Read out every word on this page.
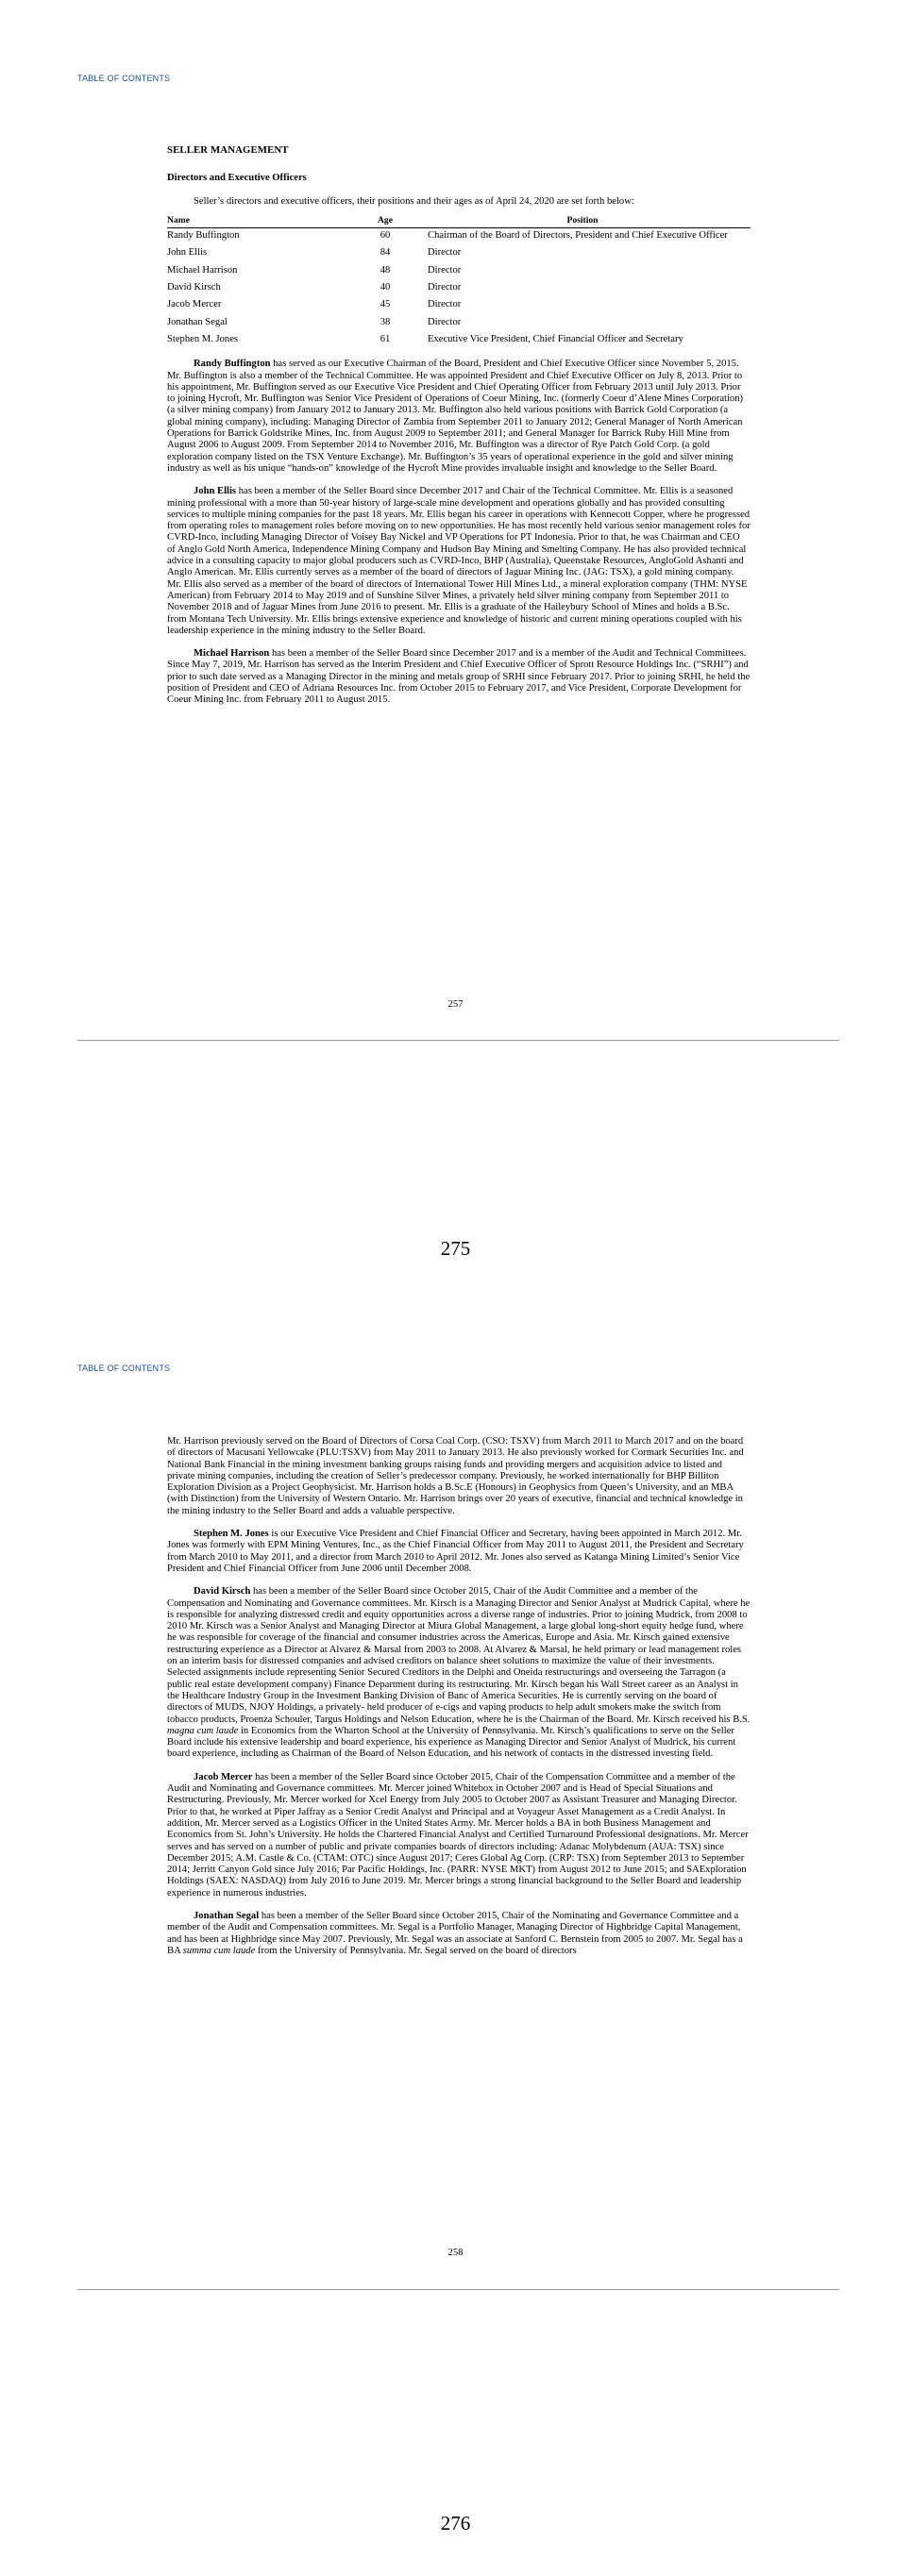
TABLE OF CONTENTS

SELLER MANAGEMENT

Directors and Executive Officers

Seller’s directors and executive officers, their positions and their ages as of April 24, 2020 are set forth below:

Name		Age		Position
Randy Buffington		60		Chairman of the Board of Directors, President and Chief Executive Officer
John Ellis		84		Director
Michael Harrison		48		Director
David Kirsch		40		Director
Jacob Mercer		45		Director
Jonathan Segal		38		Director
Stephen M. Jones		61		Executive Vice President, Chief Financial Officer and Secretary

Randy Buffington has served as our Executive Chairman of the Board, President and Chief Executive Officer since November 5, 2015. Mr. Buffington is also a member of the Technical Committee. He was appointed President and Chief Executive Officer on July 8, 2013. Prior to his appointment, Mr. Buffington served as our Executive Vice President and Chief Operating Officer from February 2013 until July 2013. Prior to joining Hycroft, Mr. Buffington was Senior Vice President of Operations of Coeur Mining, Inc. (formerly Coeur d’Alene Mines Corporation) (a silver mining company) from January 2012 to January 2013. Mr. Buffington also held various positions with Barrick Gold Corporation (a global mining company), including: Managing Director of Zambia from September 2011 to January 2012; General Manager of North American Operations for Barrick Goldstrike Mines, Inc. from August 2009 to September 2011; and General Manager for Barrick Ruby Hill Mine from August 2006 to August 2009. From September 2014 to November 2016, Mr. Buffington was a director of Rye Patch Gold Corp. (a gold exploration company listed on the TSX Venture Exchange). Mr. Buffington’s 35 years of operational experience in the gold and silver mining industry as well as his unique “hands-on” knowledge of the Hycroft Mine provides invaluable insight and knowledge to the Seller Board.

John Ellis has been a member of the Seller Board since December 2017 and Chair of the Technical Committee. Mr. Ellis is a seasoned mining professional with a more than 50-year history of large-scale mine development and operations globally and has provided consulting services to multiple mining companies for the past 18 years. Mr. Ellis began his career in operations with Kennecott Copper, where he progressed from operating roles to management roles before moving on to new opportunities. He has most recently held various senior management roles for CVRD-Inco, including Managing Director of Voisey Bay Nickel and VP Operations for PT Indonesia. Prior to that, he was Chairman and CEO of Anglo Gold North America, Independence Mining Company and Hudson Bay Mining and Smelting Company. He has also provided technical advice in a consulting capacity to major global producers such as CVRD-Inco, BHP (Australia), Queenstake Resources, AngloGold Ashanti and Anglo American. Mr. Ellis currently serves as a member of the board of directors of Jaguar Mining Inc. (JAG: TSX), a gold mining company. Mr. Ellis also served as a member of the board of directors of International Tower Hill Mines Ltd., a mineral exploration company (THM: NYSE American) from February 2014 to May 2019 and of Sunshine Silver Mines, a privately held silver mining company from September 2011 to November 2018 and of Jaguar Mines from June 2016 to present. Mr. Ellis is a graduate of the Haileybury School of Mines and holds a B.Sc. from Montana Tech University. Mr. Ellis brings extensive experience and knowledge of historic and current mining operations coupled with his leadership experience in the mining industry to the Seller Board.

Michael Harrison has been a member of the Seller Board since December 2017 and is a member of the Audit and Technical Committees. Since May 7, 2019, Mr. Harrison has served as the Interim President and Chief Executive Officer of Sprott Resource Holdings Inc. (“SRHI”) and prior to such date served as a Managing Director in the mining and metals group of SRHI since February 2017. Prior to joining SRHI, he held the position of President and CEO of Adriana Resources Inc. from October 2015 to February 2017, and Vice President, Corporate Development for Coeur Mining Inc. from February 2011 to August 2015.

257
275
TABLE OF CONTENTS

Mr. Harrison previously served on the Board of Directors of Corsa Coal Corp. (CSO: TSXV) from March 2011 to March 2017 and on the board of directors of Macusani Yellowcake (PLU:TSXV) from May 2011 to January 2013. He also previously worked for Cormark Securities Inc. and National Bank Financial in the mining investment banking groups raising funds and providing mergers and acquisition advice to listed and private mining companies, including the creation of Seller’s predecessor company. Previously, he worked internationally for BHP Billiton Exploration Division as a Project Geophysicist. Mr. Harrison holds a B.Sc.E (Honours) in Geophysics from Queen’s University, and an MBA (with Distinction) from the University of Western Ontario. Mr. Harrison brings over 20 years of executive, financial and technical knowledge in the mining industry to the Seller Board and adds a valuable perspective.

Stephen M. Jones is our Executive Vice President and Chief Financial Officer and Secretary, having been appointed in March 2012. Mr. Jones was formerly with EPM Mining Ventures, Inc., as the Chief Financial Officer from May 2011 to August 2011, the President and Secretary from March 2010 to May 2011, and a director from March 2010 to April 2012. Mr. Jones also served as Katanga Mining Limited’s Senior Vice President and Chief Financial Officer from June 2006 until December 2008.

David Kirsch has been a member of the Seller Board since October 2015, Chair of the Audit Committee and a member of the Compensation and Nominating and Governance committees. Mr. Kirsch is a Managing Director and Senior Analyst at Mudrick Capital, where he is responsible for analyzing distressed credit and equity opportunities across a diverse range of industries. Prior to joining Mudrick, from 2008 to 2010 Mr. Kirsch was a Senior Analyst and Managing Director at Miura Global Management, a large global long-short equity hedge fund, where he was responsible for coverage of the financial and consumer industries across the Americas, Europe and Asia. Mr. Kirsch gained extensive restructuring experience as a Director at Alvarez & Marsal from 2003 to 2008. At Alvarez & Marsal, he held primary or lead management roles on an interim basis for distressed companies and advised creditors on balance sheet solutions to maximize the value of their investments. Selected assignments include representing Senior Secured Creditors in the Delphi and Oneida restructurings and overseeing the Tarragon (a public real estate development company) Finance Department during its restructuring. Mr. Kirsch began his Wall Street career as an Analyst in the Healthcare Industry Group in the Investment Banking Division of Banc of America Securities. He is currently serving on the board of directors of MUDS, NJOY Holdings, a privately- held producer of e-cigs and vaping products to help adult smokers make the switch from tobacco products, Proenza Schouler, Targus Holdings and Nelson Education, where he is the Chairman of the Board. Mr. Kirsch received his B.S. magna cum laude in Economics from the Wharton School at the University of Pennsylvania. Mr. Kirsch’s qualifications to serve on the Seller Board include his extensive leadership and board experience, his experience as Managing Director and Senior Analyst of Mudrick, his current board experience, including as Chairman of the Board of Nelson Education, and his network of contacts in the distressed investing field.

Jacob Mercer has been a member of the Seller Board since October 2015, Chair of the Compensation Committee and a member of the Audit and Nominating and Governance committees. Mr. Mercer joined Whitebox in October 2007 and is Head of Special Situations and Restructuring. Previously, Mr. Mercer worked for Xcel Energy from July 2005 to October 2007 as Assistant Treasurer and Managing Director. Prior to that, he worked at Piper Jaffray as a Senior Credit Analyst and Principal and at Voyageur Asset Management as a Credit Analyst. In addition, Mr. Mercer served as a Logistics Officer in the United States Army. Mr. Mercer holds a BA in both Business Management and Economics from St. John’s University. He holds the Chartered Financial Analyst and Certified Turnaround Professional designations. Mr. Mercer serves and has served on a number of public and private companies boards of directors including: Adanac Molybdenum (AUA: TSX) since December 2015; A.M. Castle & Co. (CTAM: OTC) since August 2017; Ceres Global Ag Corp. (CRP: TSX) from September 2013 to September 2014; Jerritt Canyon Gold since July 2016; Par Pacific Holdings, Inc. (PARR: NYSE MKT) from August 2012 to June 2015; and SAExploration Holdings (SAEX: NASDAQ) from July 2016 to June 2019. Mr. Mercer brings a strong financial background to the Seller Board and leadership experience in numerous industries.

Jonathan Segal has been a member of the Seller Board since October 2015, Chair of the Nominating and Governance Committee and a member of the Audit and Compensation committees. Mr. Segal is a Portfolio Manager, Managing Director of Highbridge Capital Management, and has been at Highbridge since May 2007. Previously, Mr. Segal was an associate at Sanford C. Bernstein from 2005 to 2007. Mr. Segal has a BA summa cum laude from the University of Pennsylvania. Mr. Segal served on the board of directors

258
276
